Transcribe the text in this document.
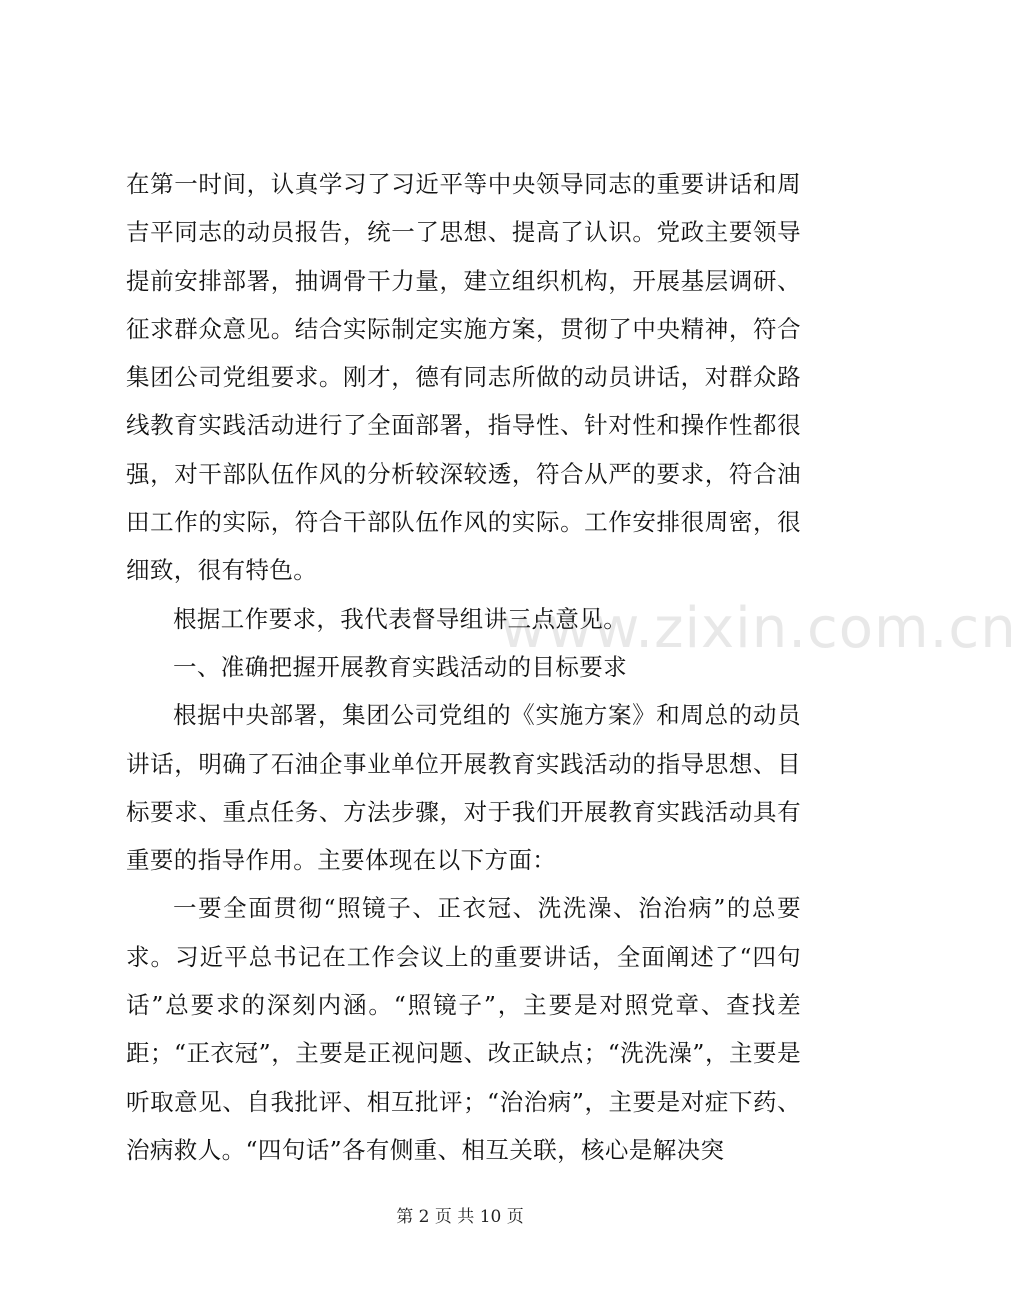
www.zixin.com.cn

在第一时间，认真学习了习近平等中央领导同志的重要讲话和周吉平同志的动员报告，统一了思想、提高了认识。党政主要领导提前安排部署，抽调骨干力量，建立组织机构，开展基层调研、征求群众意见。结合实际制定实施方案，贯彻了中央精神，符合集团公司党组要求。刚才，德有同志所做的动员讲话，对群众路线教育实践活动进行了全面部署，指导性、针对性和操作性都很强，对干部队伍作风的分析较深较透，符合从严的要求，符合油田工作的实际，符合干部队伍作风的实际。工作安排很周密，很细致，很有特色。

根据工作要求，我代表督导组讲三点意见。

一、准确把握开展教育实践活动的目标要求

根据中央部署，集团公司党组的《实施方案》和周总的动员讲话，明确了石油企事业单位开展教育实践活动的指导思想、目标要求、重点任务、方法步骤，对于我们开展教育实践活动具有重要的指导作用。主要体现在以下方面：

一要全面贯彻“照镜子、正衣冠、洗洗澡、治治病”的总要求。习近平总书记在工作会议上的重要讲话，全面阐述了“四句话”总要求的深刻内涵。“照镜子”，主要是对照党章、查找差距；“正衣冠”，主要是正视问题、改正缺点；“洗洗澡”，主要是听取意见、自我批评、相互批评；“治治病”，主要是对症下药、治病救人。“四句话”各有侧重、相互关联，核心是解决突

第 2 页 共 10 页
